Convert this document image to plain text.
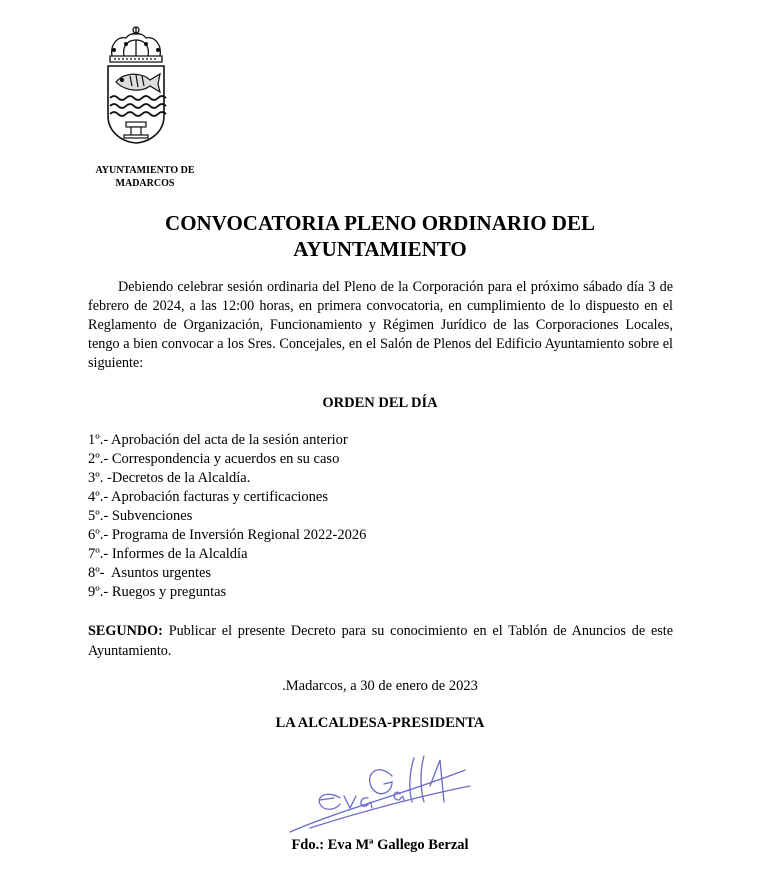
AYUNTAMIENTO DE MADARCOS
CONVOCATORIA PLENO ORDINARIO DEL AYUNTAMIENTO

Debiendo celebrar sesión ordinaria del Pleno de la Corporación para el próximo sábado día 3 de febrero de 2024, a las 12:00 horas, en primera convocatoria, en cumplimiento de lo dispuesto en el Reglamento de Organización, Funcionamiento y Régimen Jurídico de las Corporaciones Locales, tengo a bien convocar a los Sres. Concejales, en el Salón de Plenos del Edificio Ayuntamiento sobre el siguiente:

ORDEN DEL DÍA
1º.- Aprobación del acta de la sesión anterior
2º.- Correspondencia y acuerdos en su caso
3º. -Decretos de la Alcaldía.
4º.- Aprobación facturas y certificaciones
5º.- Subvenciones
6º.- Programa de Inversión Regional 2022-2026
7º.- Informes de la Alcaldía
8º-  Asuntos urgentes
9º.- Ruegos y preguntas

SEGUNDO: Publicar el presente Decreto para su conocimiento en el Tablón de Anuncios de este Ayuntamiento.

.Madarcos, a 30 de enero de 2023
LA ALCALDESA-PRESIDENTA
Fdo.: Eva Mª Gallego Berzal
